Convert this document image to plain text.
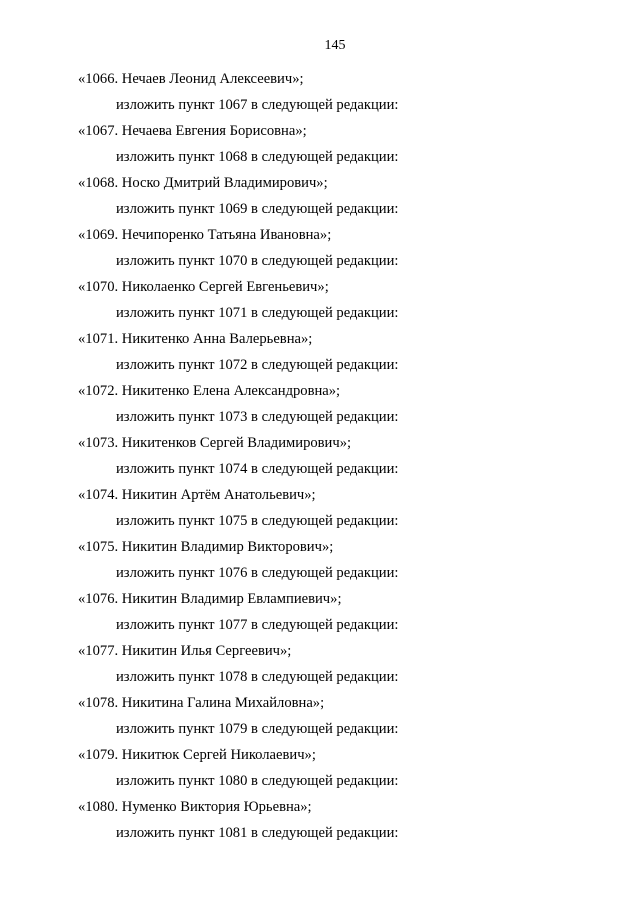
145
«1066. Нечаев Леонид Алексеевич»;
изложить пункт 1067 в следующей редакции:
«1067. Нечаева Евгения Борисовна»;
изложить пункт 1068 в следующей редакции:
«1068. Носко Дмитрий Владимирович»;
изложить пункт 1069 в следующей редакции:
«1069. Нечипоренко Татьяна Ивановна»;
изложить пункт 1070 в следующей редакции:
«1070. Николаенко Сергей Евгеньевич»;
изложить пункт 1071 в следующей редакции:
«1071. Никитенко Анна Валерьевна»;
изложить пункт 1072 в следующей редакции:
«1072. Никитенко Елена Александровна»;
изложить пункт 1073 в следующей редакции:
«1073. Никитенков Сергей Владимирович»;
изложить пункт 1074 в следующей редакции:
«1074. Никитин Артём Анатольевич»;
изложить пункт 1075 в следующей редакции:
«1075. Никитин Владимир Викторович»;
изложить пункт 1076 в следующей редакции:
«1076. Никитин Владимир Евлампиевич»;
изложить пункт 1077 в следующей редакции:
«1077. Никитин Илья Сергеевич»;
изложить пункт 1078 в следующей редакции:
«1078. Никитина Галина Михайловна»;
изложить пункт 1079 в следующей редакции:
«1079. Никитюк Сергей Николаевич»;
изложить пункт 1080 в следующей редакции:
«1080. Нуменко Виктория Юрьевна»;
изложить пункт 1081 в следующей редакции:
